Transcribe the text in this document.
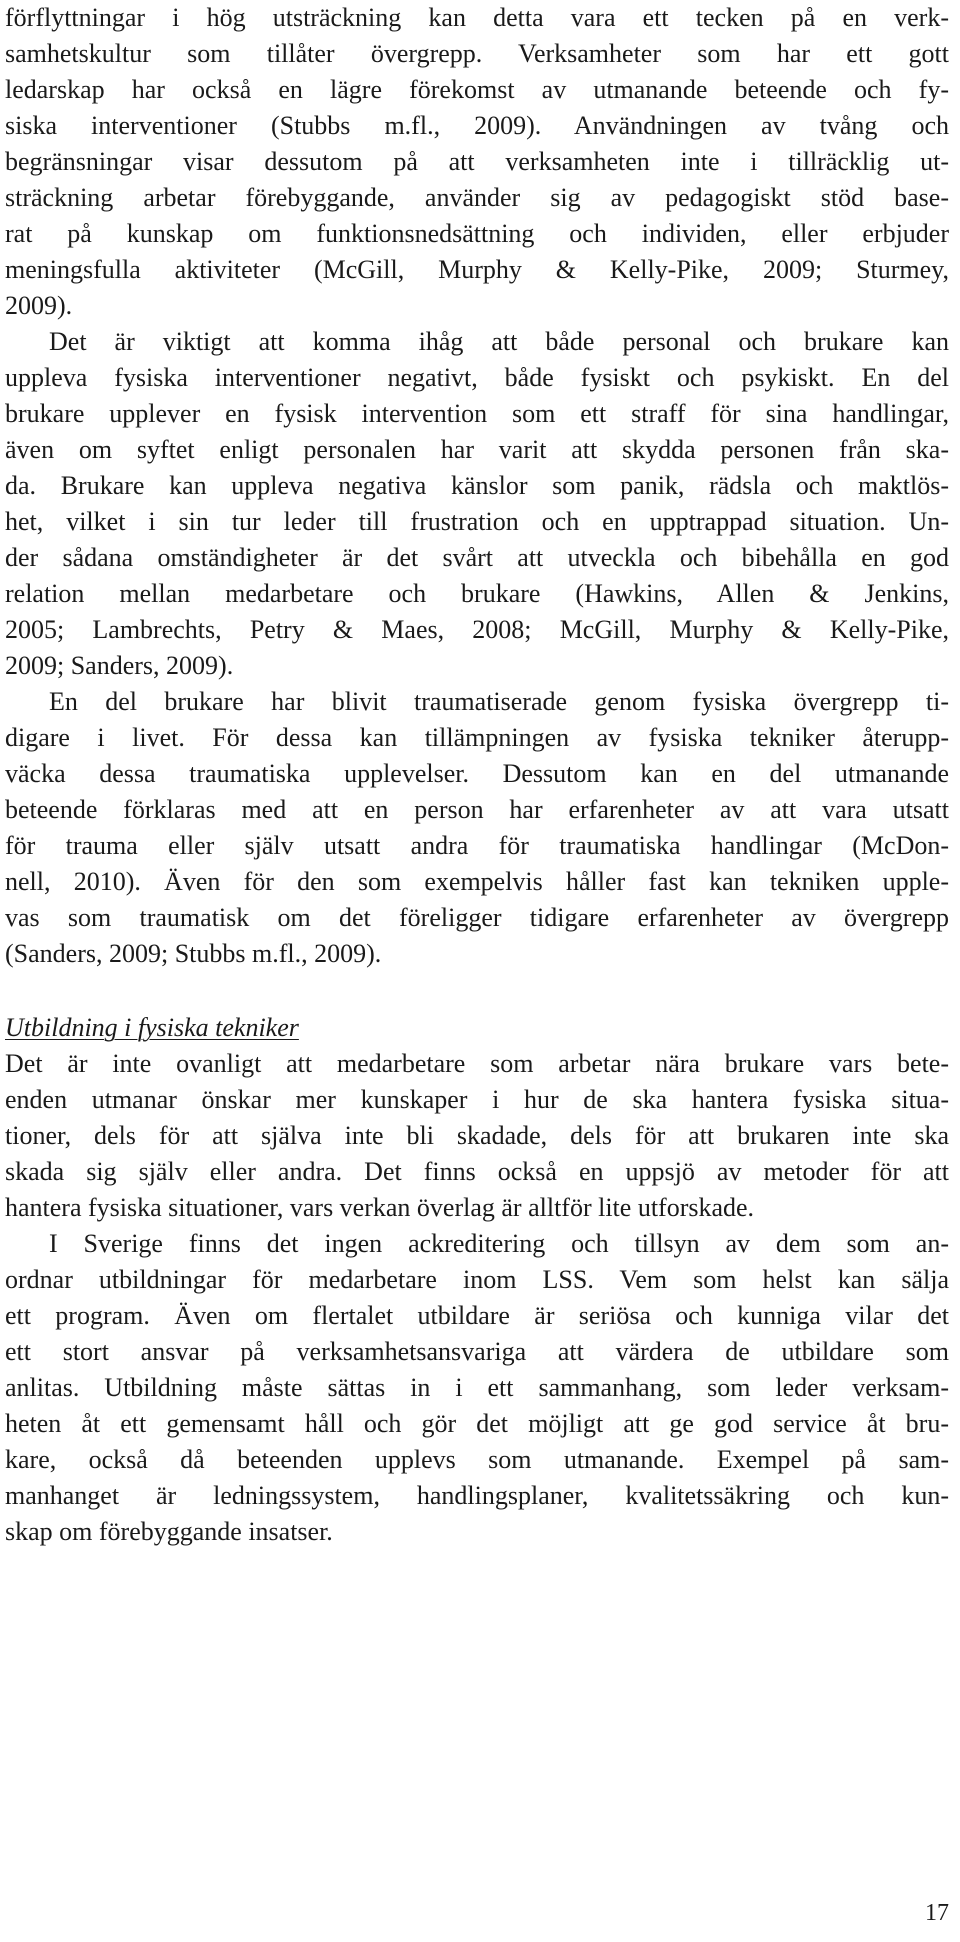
förflyttningar i hög utsträckning kan detta vara ett tecken på en verk-
samhetskultur som tillåter övergrepp. Verksamheter som har ett gott
ledarskap har också en lägre förekomst av utmanande beteende och fy-
siska interventioner (Stubbs m.fl., 2009). Användningen av tvång och
begränsningar visar dessutom på att verksamheten inte i tillräcklig ut-
sträckning arbetar förebyggande, använder sig av pedagogiskt stöd base-
rat på kunskap om funktionsnedsättning och individen, eller erbjuder
meningsfulla aktiviteter (McGill, Murphy & Kelly-Pike, 2009; Sturmey,
2009).
Det är viktigt att komma ihåg att både personal och brukare kan
uppleva fysiska interventioner negativt, både fysiskt och psykiskt. En del
brukare upplever en fysisk intervention som ett straff för sina handlingar,
även om syftet enligt personalen har varit att skydda personen från ska-
da. Brukare kan uppleva negativa känslor som panik, rädsla och maktlös-
het, vilket i sin tur leder till frustration och en upptrappad situation. Un-
der sådana omständigheter är det svårt att utveckla och bibehålla en god
relation mellan medarbetare och brukare (Hawkins, Allen & Jenkins,
2005; Lambrechts, Petry & Maes, 2008; McGill, Murphy & Kelly-Pike,
2009; Sanders, 2009).
En del brukare har blivit traumatiserade genom fysiska övergrepp ti-
digare i livet. För dessa kan tillämpningen av fysiska tekniker återupp-
väcka dessa traumatiska upplevelser. Dessutom kan en del utmanande
beteende förklaras med att en person har erfarenheter av att vara utsatt
för trauma eller själv utsatt andra för traumatiska handlingar (McDon-
nell, 2010). Även för den som exempelvis håller fast kan tekniken upple-
vas som traumatisk om det föreligger tidigare erfarenheter av övergrepp
(Sanders, 2009; Stubbs m.fl., 2009).
Utbildning i fysiska tekniker
Det är inte ovanligt att medarbetare som arbetar nära brukare vars bete-
enden utmanar önskar mer kunskaper i hur de ska hantera fysiska situa-
tioner, dels för att själva inte bli skadade, dels för att brukaren inte ska
skada sig själv eller andra. Det finns också en uppsjö av metoder för att
hantera fysiska situationer, vars verkan överlag är alltför lite utforskade.
I Sverige finns det ingen ackreditering och tillsyn av dem som an-
ordnar utbildningar för medarbetare inom LSS. Vem som helst kan sälja
ett program. Även om flertalet utbildare är seriösa och kunniga vilar det
ett stort ansvar på verksamhetsansvariga att värdera de utbildare som
anlitas. Utbildning måste sättas in i ett sammanhang, som leder verksam-
heten åt ett gemensamt håll och gör det möjligt att ge god service åt bru-
kare, också då beteenden upplevs som utmanande. Exempel på sam-
manhanget är ledningssystem, handlingsplaner, kvalitetssäkring och kun-
skap om förebyggande insatser.
17
